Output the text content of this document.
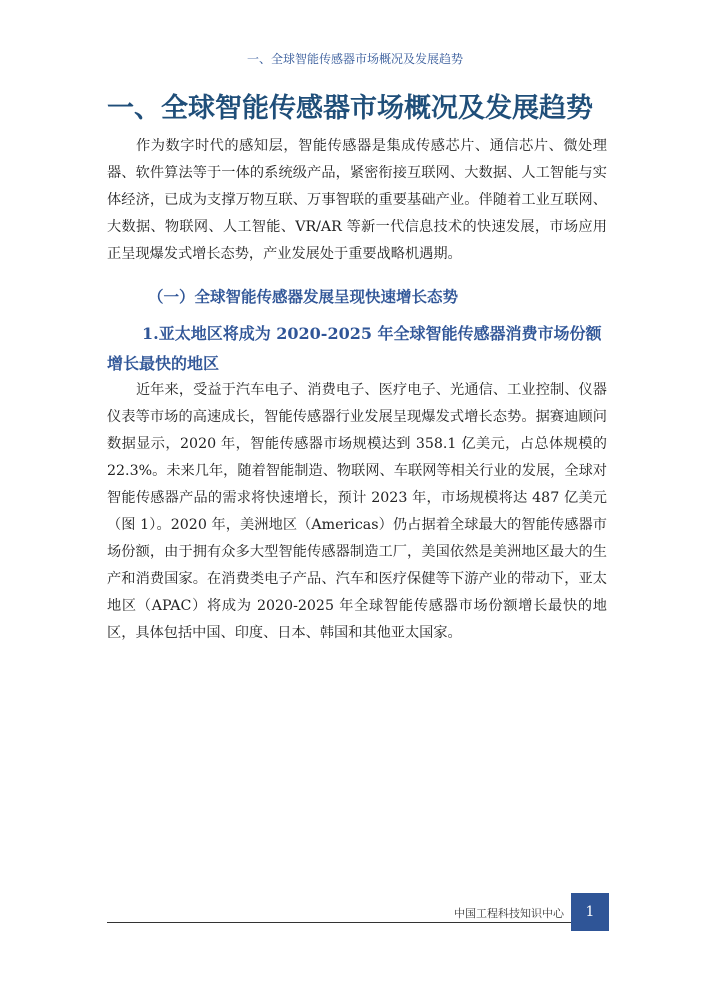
一、全球智能传感器市场概况及发展趋势
一、全球智能传感器市场概况及发展趋势

作为数字时代的感知层，智能传感器是集成传感芯片、通信芯片、微处理器、软件算法等于一体的系统级产品，紧密衔接互联网、大数据、人工智能与实体经济，已成为支撑万物互联、万事智联的重要基础产业。伴随着工业互联网、大数据、物联网、人工智能、VR/AR 等新一代信息技术的快速发展，市场应用正呈现爆发式增长态势，产业发展处于重要战略机遇期。

（一）全球智能传感器发展呈现快速增长态势

1.亚太地区将成为 2020-2025 年全球智能传感器消费市场份额增长最快的地区

近年来，受益于汽车电子、消费电子、医疗电子、光通信、工业控制、仪器仪表等市场的高速成长，智能传感器行业发展呈现爆发式增长态势。据赛迪顾问数据显示，2020 年，智能传感器市场规模达到 358.1 亿美元，占总体规模的 22.3%。未来几年，随着智能制造、物联网、车联网等相关行业的发展，全球对智能传感器产品的需求将快速增长，预计 2023 年，市场规模将达 487 亿美元（图 1）。2020 年，美洲地区（Americas）仍占据着全球最大的智能传感器市场份额，由于拥有众多大型智能传感器制造工厂，美国依然是美洲地区最大的生产和消费国家。在消费类电子产品、汽车和医疗保健等下游产业的带动下，亚太地区（APAC）将成为 2020-2025 年全球智能传感器市场份额增长最快的地区，具体包括中国、印度、日本、韩国和其他亚太国家。

中国工程科技知识中心	1
